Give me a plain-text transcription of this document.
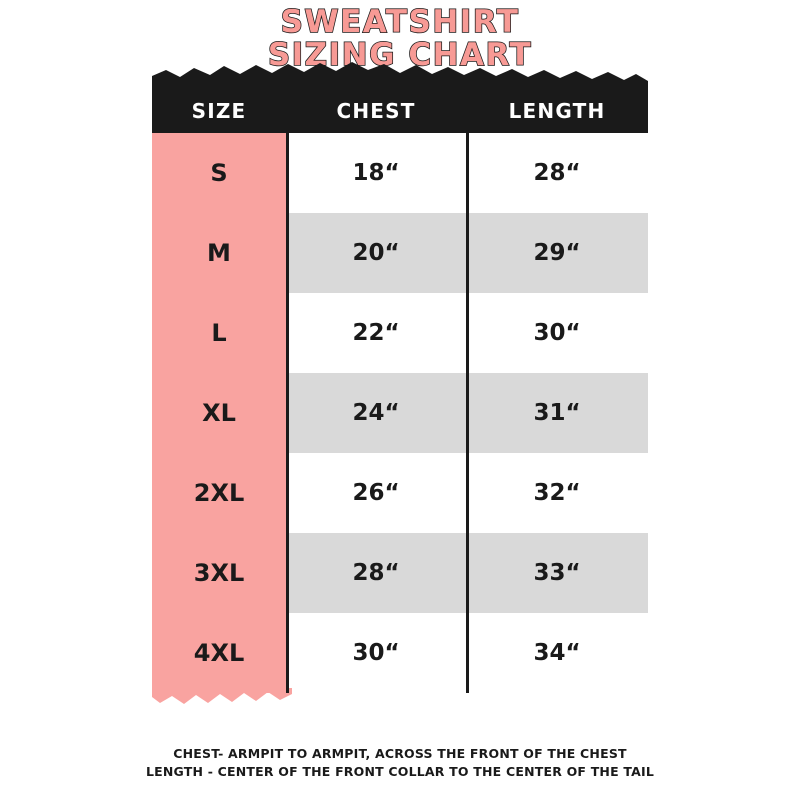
SWEATSHIRT
SIZING CHART
SIZE	CHEST	LENGTH
S	18“	28“
M	20“	29“
L	22“	30“
XL	24“	31“
2XL	26“	32“
3XL	28“	33“
4XL	30“	34“
CHEST- ARMPIT TO ARMPIT, ACROSS THE FRONT OF THE CHEST
LENGTH - CENTER OF THE FRONT COLLAR TO THE CENTER OF THE TAIL
